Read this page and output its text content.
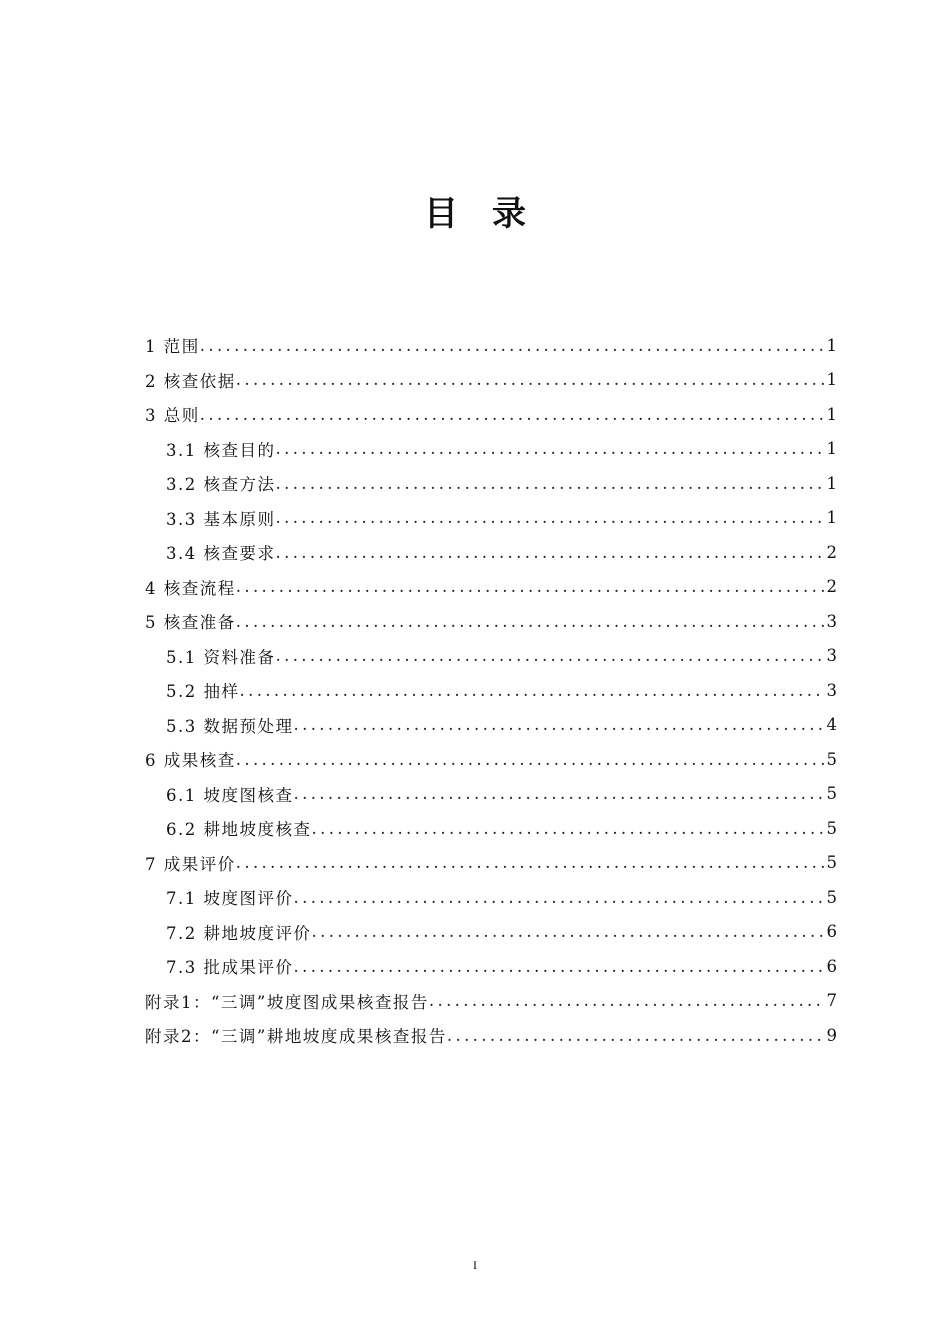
目录
1 范围 .....	1
2 核查依据 .....	1
3 总则 .....	1
3.1 核查目的 .....	1
3.2 核查方法 .....	1
3.3 基本原则 .....	1
3.4 核查要求 .....	2
4 核查流程 .....	2
5 核查准备 .....	3
5.1 资料准备 .....	3
5.2 抽样 .....	3
5.3 数据预处理 .....	4
6 成果核查 .....	5
6.1 坡度图核查 .....	5
6.2 耕地坡度核查 .....	5
7 成果评价 .....	5
7.1 坡度图评价 .....	5
7.2 耕地坡度评价 .....	6
7.3 批成果评价 .....	6
附录1：“三调”坡度图成果核查报告 .....	7
附录2：“三调”耕地坡度成果核查报告 .....	9
I
